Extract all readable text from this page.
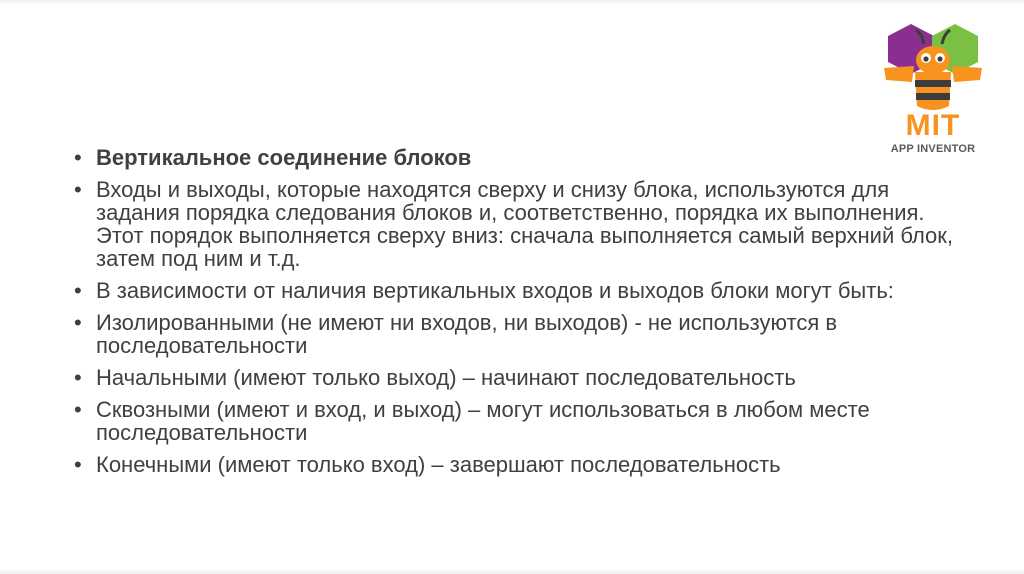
MIT
APP INVENTOR
• Вертикальное соединение блоков
• Входы и выходы, которые находятся сверху и снизу блока, используются для задания порядка следования блоков и, соответственно, порядка их выполнения. Этот порядок выполняется сверху вниз: сначала выполняется самый верхний блок, затем под ним и т.д.
• В зависимости от наличия вертикальных входов и выходов блоки могут быть:
• Изолированными (не имеют ни входов, ни выходов) - не используются в последовательности
• Начальными (имеют только выход) – начинают последовательность
• Сквозными (имеют и вход, и выход) – могут использоваться в любом месте последовательности
• Конечными (имеют только вход) – завершают последовательность
